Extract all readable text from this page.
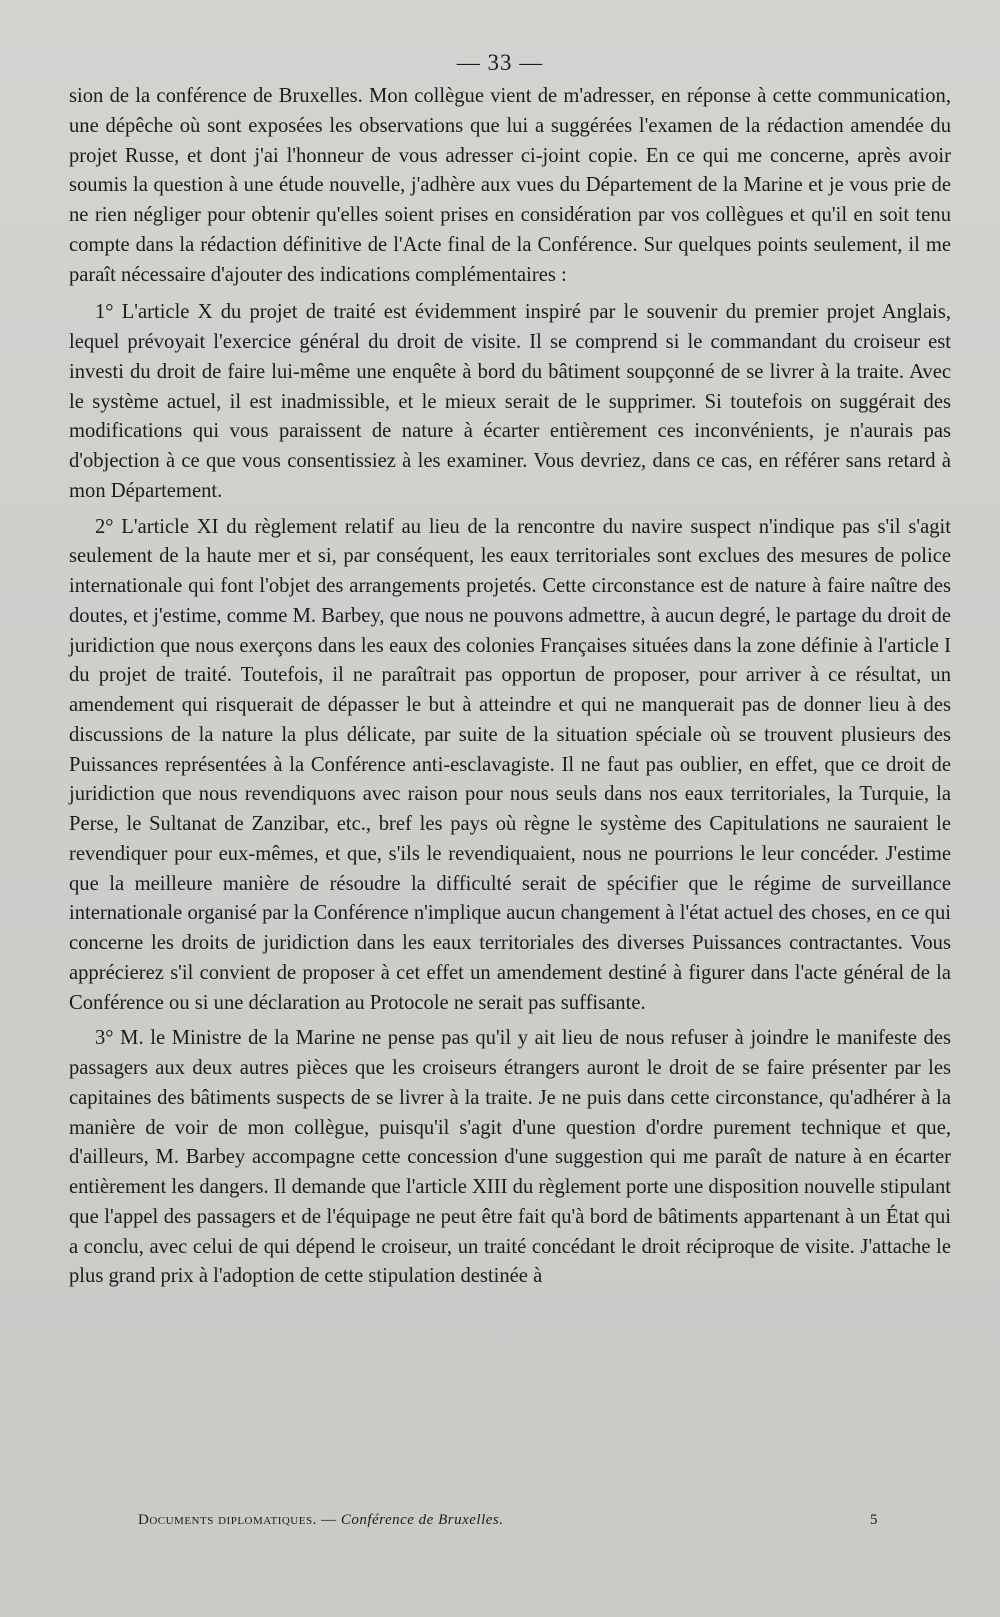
— 33 —

sion de la conférence de Bruxelles. Mon collègue vient de m'adresser, en réponse à cette communication, une dépêche où sont exposées les observations que lui a suggérées l'examen de la rédaction amendée du projet Russe, et dont j'ai l'honneur de vous adresser ci-joint copie. En ce qui me concerne, après avoir soumis la question à une étude nouvelle, j'adhère aux vues du Département de la Marine et je vous prie de ne rien négliger pour obtenir qu'elles soient prises en considération par vos collègues et qu'il en soit tenu compte dans la rédaction définitive de l'Acte final de la Conférence. Sur quelques points seulement, il me paraît nécessaire d'ajouter des indications complémentaires :

1° L'article X du projet de traité est évidemment inspiré par le souvenir du premier projet Anglais, lequel prévoyait l'exercice général du droit de visite. Il se comprend si le commandant du croiseur est investi du droit de faire lui-même une enquête à bord du bâtiment soupçonné de se livrer à la traite. Avec le système actuel, il est inadmissible, et le mieux serait de le supprimer. Si toutefois on suggérait des modifications qui vous paraissent de nature à écarter entièrement ces inconvénients, je n'aurais pas d'objection à ce que vous consentissiez à les examiner. Vous devriez, dans ce cas, en référer sans retard à mon Département.

2° L'article XI du règlement relatif au lieu de la rencontre du navire suspect n'indique pas s'il s'agit seulement de la haute mer et si, par conséquent, les eaux territoriales sont exclues des mesures de police internationale qui font l'objet des arrangements projetés. Cette circonstance est de nature à faire naître des doutes, et j'estime, comme M. Barbey, que nous ne pouvons admettre, à aucun degré, le partage du droit de juridiction que nous exerçons dans les eaux des colonies Françaises situées dans la zone définie à l'article I du projet de traité. Toutefois, il ne paraîtrait pas opportun de proposer, pour arriver à ce résultat, un amendement qui risquerait de dépasser le but à atteindre et qui ne manquerait pas de donner lieu à des discussions de la nature la plus délicate, par suite de la situation spéciale où se trouvent plusieurs des Puissances représentées à la Conférence anti-esclavagiste. Il ne faut pas oublier, en effet, que ce droit de juridiction que nous revendiquons avec raison pour nous seuls dans nos eaux territoriales, la Turquie, la Perse, le Sultanat de Zanzibar, etc., bref les pays où règne le système des Capitulations ne sauraient le revendiquer pour eux-mêmes, et que, s'ils le revendiquaient, nous ne pourrions le leur concéder. J'estime que la meilleure manière de résoudre la difficulté serait de spécifier que le régime de surveillance internationale organisé par la Conférence n'implique aucun changement à l'état actuel des choses, en ce qui concerne les droits de juridiction dans les eaux territoriales des diverses Puissances contractantes. Vous apprécierez s'il convient de proposer à cet effet un amendement destiné à figurer dans l'acte général de la Conférence ou si une déclaration au Protocole ne serait pas suffisante.

3° M. le Ministre de la Marine ne pense pas qu'il y ait lieu de nous refuser à joindre le manifeste des passagers aux deux autres pièces que les croiseurs étrangers auront le droit de se faire présenter par les capitaines des bâtiments suspects de se livrer à la traite. Je ne puis dans cette circonstance, qu'adhérer à la manière de voir de mon collègue, puisqu'il s'agit d'une question d'ordre purement technique et que, d'ailleurs, M. Barbey accompagne cette concession d'une suggestion qui me paraît de nature à en écarter entièrement les dangers. Il demande que l'article XIII du règlement porte une disposition nouvelle stipulant que l'appel des passagers et de l'équipage ne peut être fait qu'à bord de bâtiments appartenant à un État qui a conclu, avec celui de qui dépend le croiseur, un traité concédant le droit réciproque de visite. J'attache le plus grand prix à l'adoption de cette stipulation destinée à

Documents diplomatiques. — Conférence de Bruxelles.	5
